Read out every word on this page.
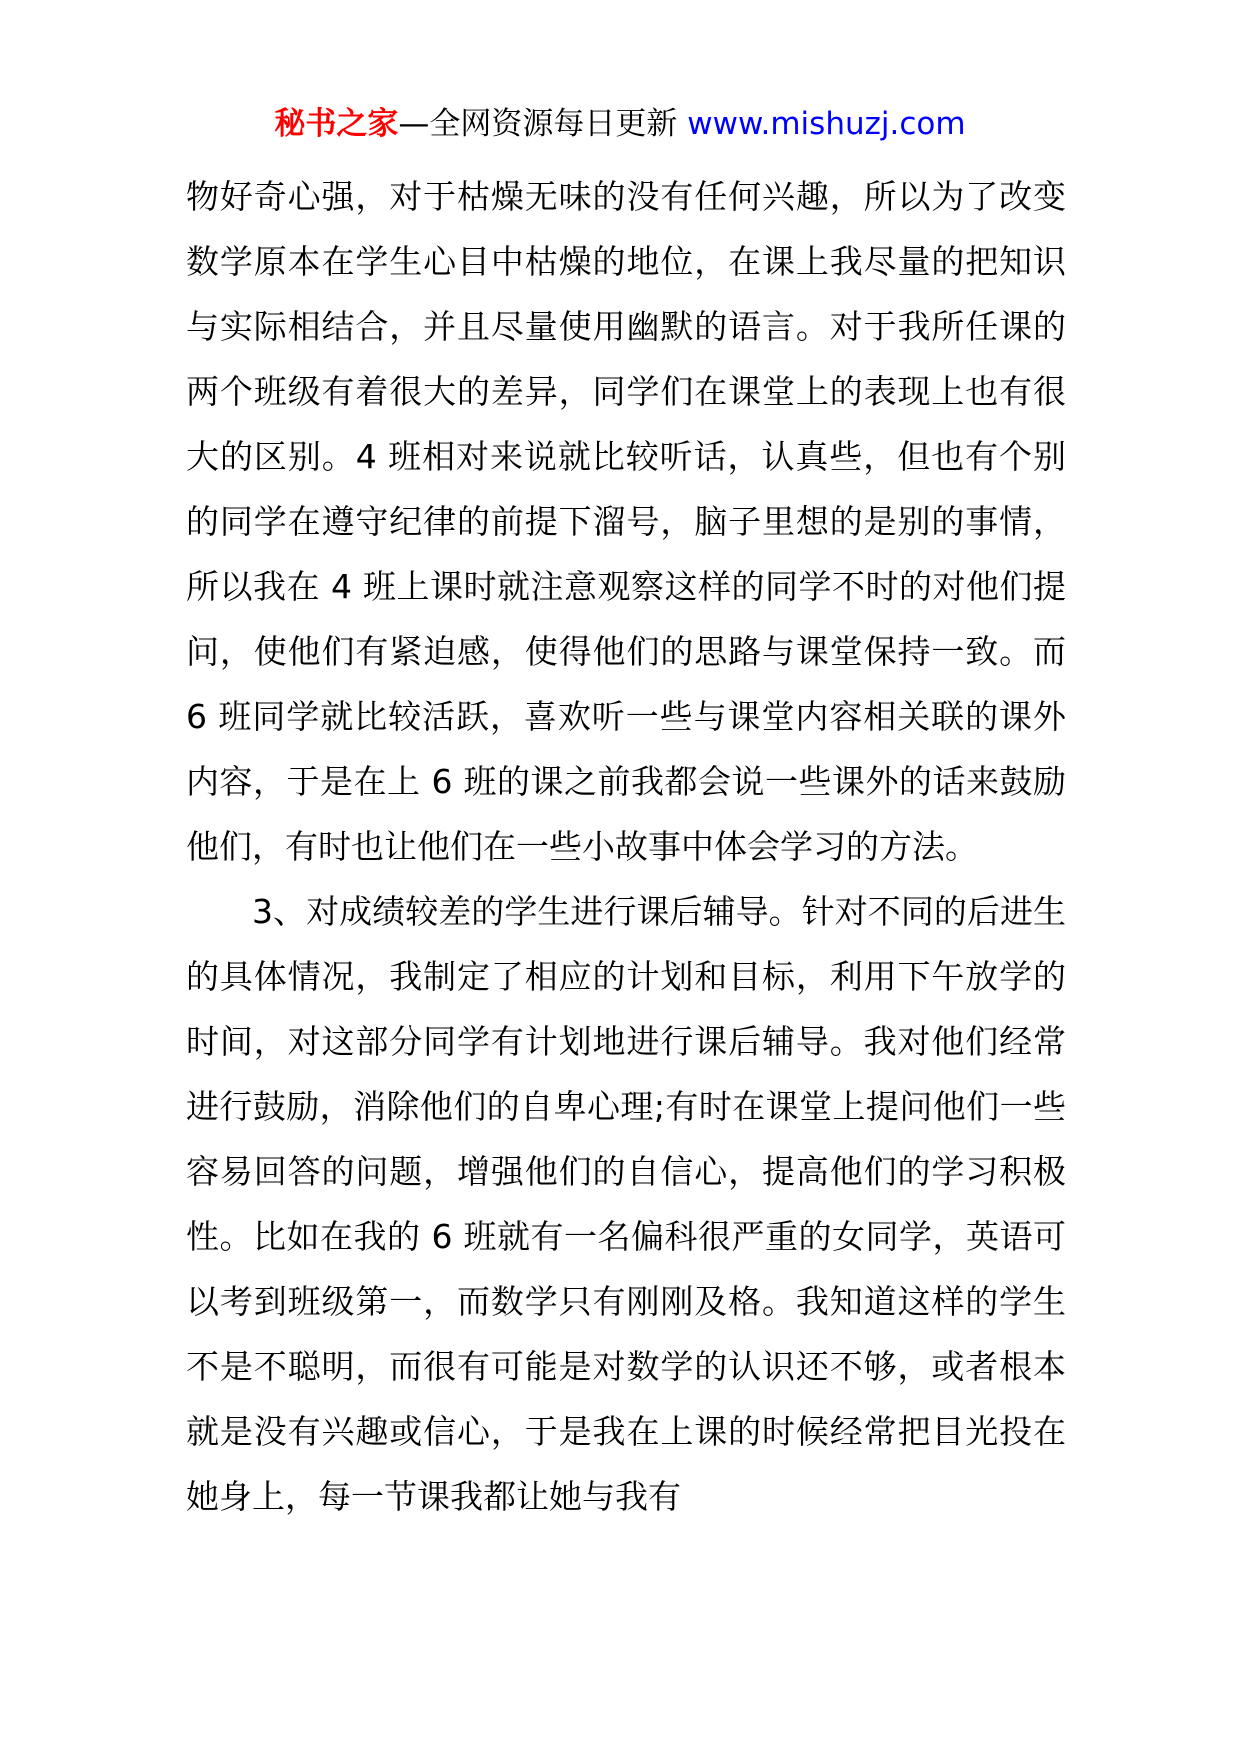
秘书之家—全网资源每日更新 www.mishuzj.com

物好奇心强，对于枯燥无味的没有任何兴趣，所以为了改变数学原本在学生心目中枯燥的地位，在课上我尽量的把知识与实际相结合，并且尽量使用幽默的语言。对于我所任课的两个班级有着很大的差异，同学们在课堂上的表现上也有很大的区别。4 班相对来说就比较听话，认真些，但也有个别的同学在遵守纪律的前提下溜号，脑子里想的是别的事情，所以我在 4 班上课时就注意观察这样的同学不时的对他们提问，使他们有紧迫感，使得他们的思路与课堂保持一致。而 6 班同学就比较活跃，喜欢听一些与课堂内容相关联的课外内容，于是在上 6 班的课之前我都会说一些课外的话来鼓励他们，有时也让他们在一些小故事中体会学习的方法。

3、对成绩较差的学生进行课后辅导。针对不同的后进生的具体情况，我制定了相应的计划和目标，利用下午放学的时间，对这部分同学有计划地进行课后辅导。我对他们经常进行鼓励，消除他们的自卑心理;有时在课堂上提问他们一些容易回答的问题，增强他们的自信心，提高他们的学习积极性。比如在我的 6 班就有一名偏科很严重的女同学，英语可以考到班级第一，而数学只有刚刚及格。我知道这样的学生不是不聪明，而很有可能是对数学的认识还不够，或者根本就是没有兴趣或信心，于是我在上课的时候经常把目光投在她身上，每一节课我都让她与我有
